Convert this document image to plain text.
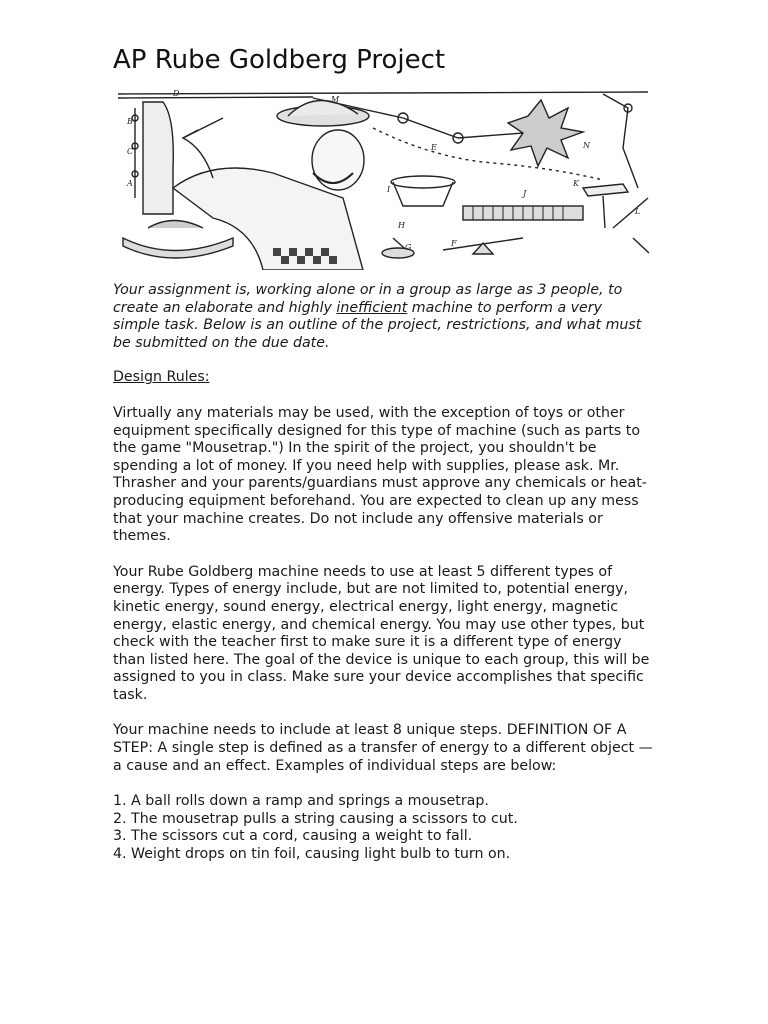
AP Rube Goldberg Project
B
C
A
D
E
F
G
H
I	J
K
L
M
N

Your assignment is, working alone or in a group as large as 3 people, to create an elaborate and highly inefficient machine to perform a very simple task. Below is an outline of the project, restrictions, and what must be submitted on the due date.

Design Rules:

Virtually any materials may be used, with the exception of toys or other equipment specifically designed for this type of machine (such as parts to the game "Mousetrap.") In the spirit of the project, you shouldn't be spending a lot of money. If you need help with supplies, please ask. Mr. Thrasher and your parents/guardians must approve any chemicals or heat-producing equipment beforehand. You are expected to clean up any mess that your machine creates. Do not include any offensive materials or themes.

Your Rube Goldberg machine needs to use at least 5 different types of energy. Types of energy include, but are not limited to, potential energy, kinetic energy, sound energy, electrical energy, light energy, magnetic energy, elastic energy, and chemical energy. You may use other types, but check with the teacher first to make sure it is a different type of energy than listed here. The goal of the device is unique to each group, this will be assigned to you in class. Make sure your device accomplishes that specific task.

Your machine needs to include at least 8 unique steps. DEFINITION OF A STEP: A single step is defined as a transfer of energy to a different object — a cause and an effect. Examples of individual steps are below:

1. A ball rolls down a ramp and springs a mousetrap.
2. The mousetrap pulls a string causing a scissors to cut.
3. The scissors cut a cord, causing a weight to fall.
4. Weight drops on tin foil, causing light bulb to turn on.
